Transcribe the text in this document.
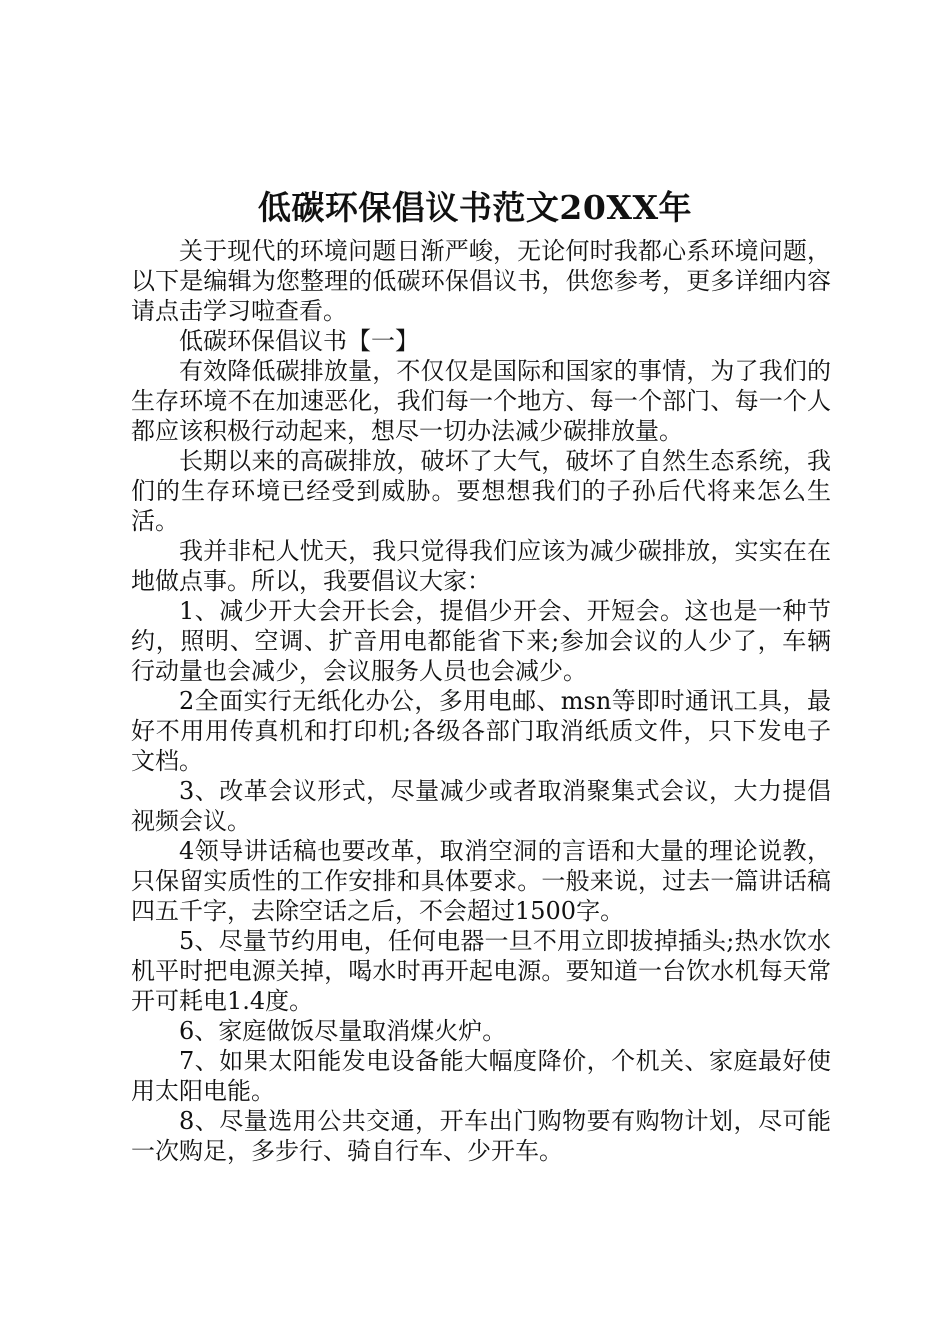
低碳环保倡议书范文20XX年

关于现代的环境问题日渐严峻，无论何时我都心系环境问题，以下是编辑为您整理的低碳环保倡议书，供您参考，更多详细内容请点击学习啦查看。

低碳环保倡议书【一】

有效降低碳排放量，不仅仅是国际和国家的事情，为了我们的生存环境不在加速恶化，我们每一个地方、每一个部门、每一个人都应该积极行动起来，想尽一切办法减少碳排放量。

长期以来的高碳排放，破坏了大气，破坏了自然生态系统，我们的生存环境已经受到威胁。要想想我们的子孙后代将来怎么生活。

我并非杞人忧天，我只觉得我们应该为减少碳排放，实实在在地做点事。所以，我要倡议大家：

1、减少开大会开长会，提倡少开会、开短会。这也是一种节约，照明、空调、扩音用电都能省下来;参加会议的人少了，车辆行动量也会减少，会议服务人员也会减少。

2全面实行无纸化办公，多用电邮、msn等即时通讯工具，最好不用用传真机和打印机;各级各部门取消纸质文件，只下发电子文档。

3、改革会议形式，尽量减少或者取消聚集式会议，大力提倡视频会议。

4领导讲话稿也要改革，取消空洞的言语和大量的理论说教，只保留实质性的工作安排和具体要求。一般来说，过去一篇讲话稿四五千字，去除空话之后，不会超过1500字。

5、尽量节约用电，任何电器一旦不用立即拔掉插头;热水饮水机平时把电源关掉，喝水时再开起电源。要知道一台饮水机每天常开可耗电1.4度。

6、家庭做饭尽量取消煤火炉。

7、如果太阳能发电设备能大幅度降价，个机关、家庭最好使用太阳电能。

8、尽量选用公共交通，开车出门购物要有购物计划，尽可能一次购足，多步行、骑自行车、少开车。
